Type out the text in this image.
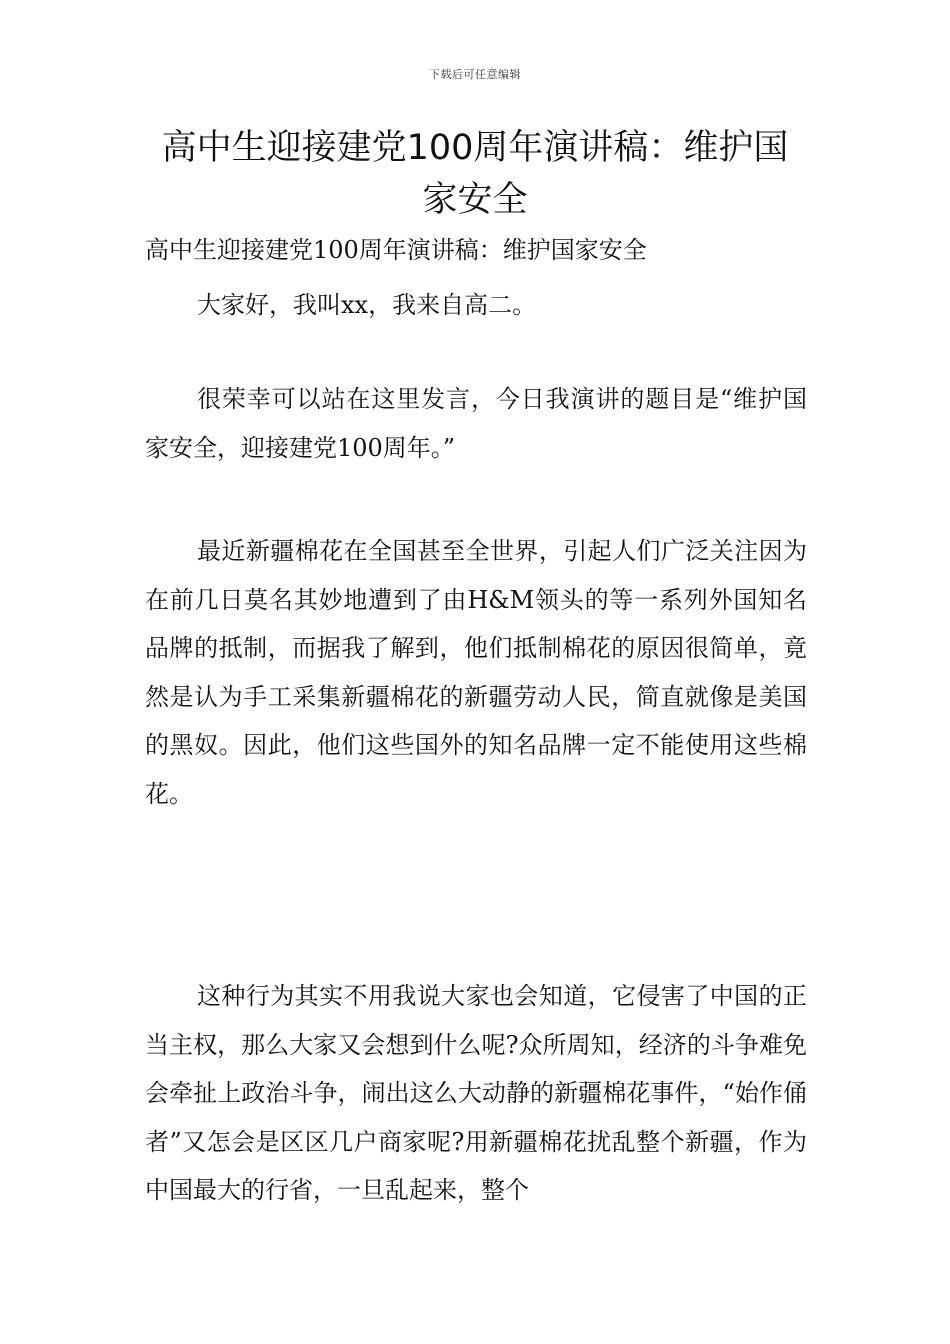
下载后可任意编辑
高中生迎接建党100周年演讲稿：维护国家安全

高中生迎接建党100周年演讲稿：维护国家安全

大家好，我叫xx，我来自高二。

很荣幸可以站在这里发言，今日我演讲的题目是“维护国家安全，迎接建党100周年。”

最近新疆棉花在全国甚至全世界，引起人们广泛关注因为在前几日莫名其妙地遭到了由H&M领头的等一系列外国知名品牌的抵制，而据我了解到，他们抵制棉花的原因很简单，竟然是认为手工采集新疆棉花的新疆劳动人民，简直就像是美国的黑奴。因此，他们这些国外的知名品牌一定不能使用这些棉花。

这种行为其实不用我说大家也会知道，它侵害了中国的正当主权，那么大家又会想到什么呢?众所周知，经济的斗争难免会牵扯上政治斗争，闹出这么大动静的新疆棉花事件，“始作俑者”又怎会是区区几户商家呢?用新疆棉花扰乱整个新疆，作为中国最大的行省，一旦乱起来，整个
